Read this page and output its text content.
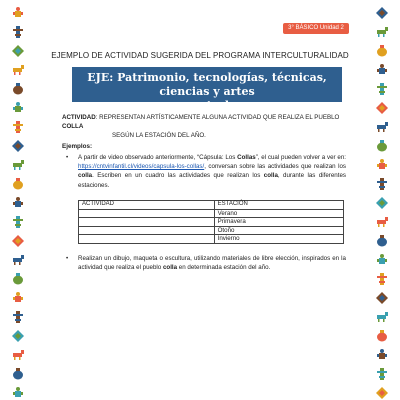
3° BÁSICO Unidad 2
EJEMPLO DE ACTIVIDAD SUGERIDA DEL PROGRAMA INTERCULTURALIDAD
EJE: Patrimonio, tecnologías, técnicas, ciencias y artes
ancestrales
ACTIVIDAD: REPRESENTAN ARTÍSTICAMENTE ALGUNA ACTIVIDAD QUE REALIZA EL PUEBLO COLLA
SEGÚN LA ESTACIÓN DEL AÑO.
Ejemplos:
• A partir de video observado anteriormente, “Cápsula: Los Collas”, el cual pueden volver a ver en: https://cntvinfantil.cl/videos/capsula-los-collas/, conversan sobre las actividades que realizan los colla. Escriben en un cuadro las actividades que realizan los colla, durante las diferentes estaciones.
ACTIVIDAD	ESTACIÓN
	Verano
	Primavera
	Otoño
	Invierno
• Realizan un dibujo, maqueta o escultura, utilizando materiales de libre elección, inspirados en la actividad que realiza el pueblo colla en determinada estación del año.
